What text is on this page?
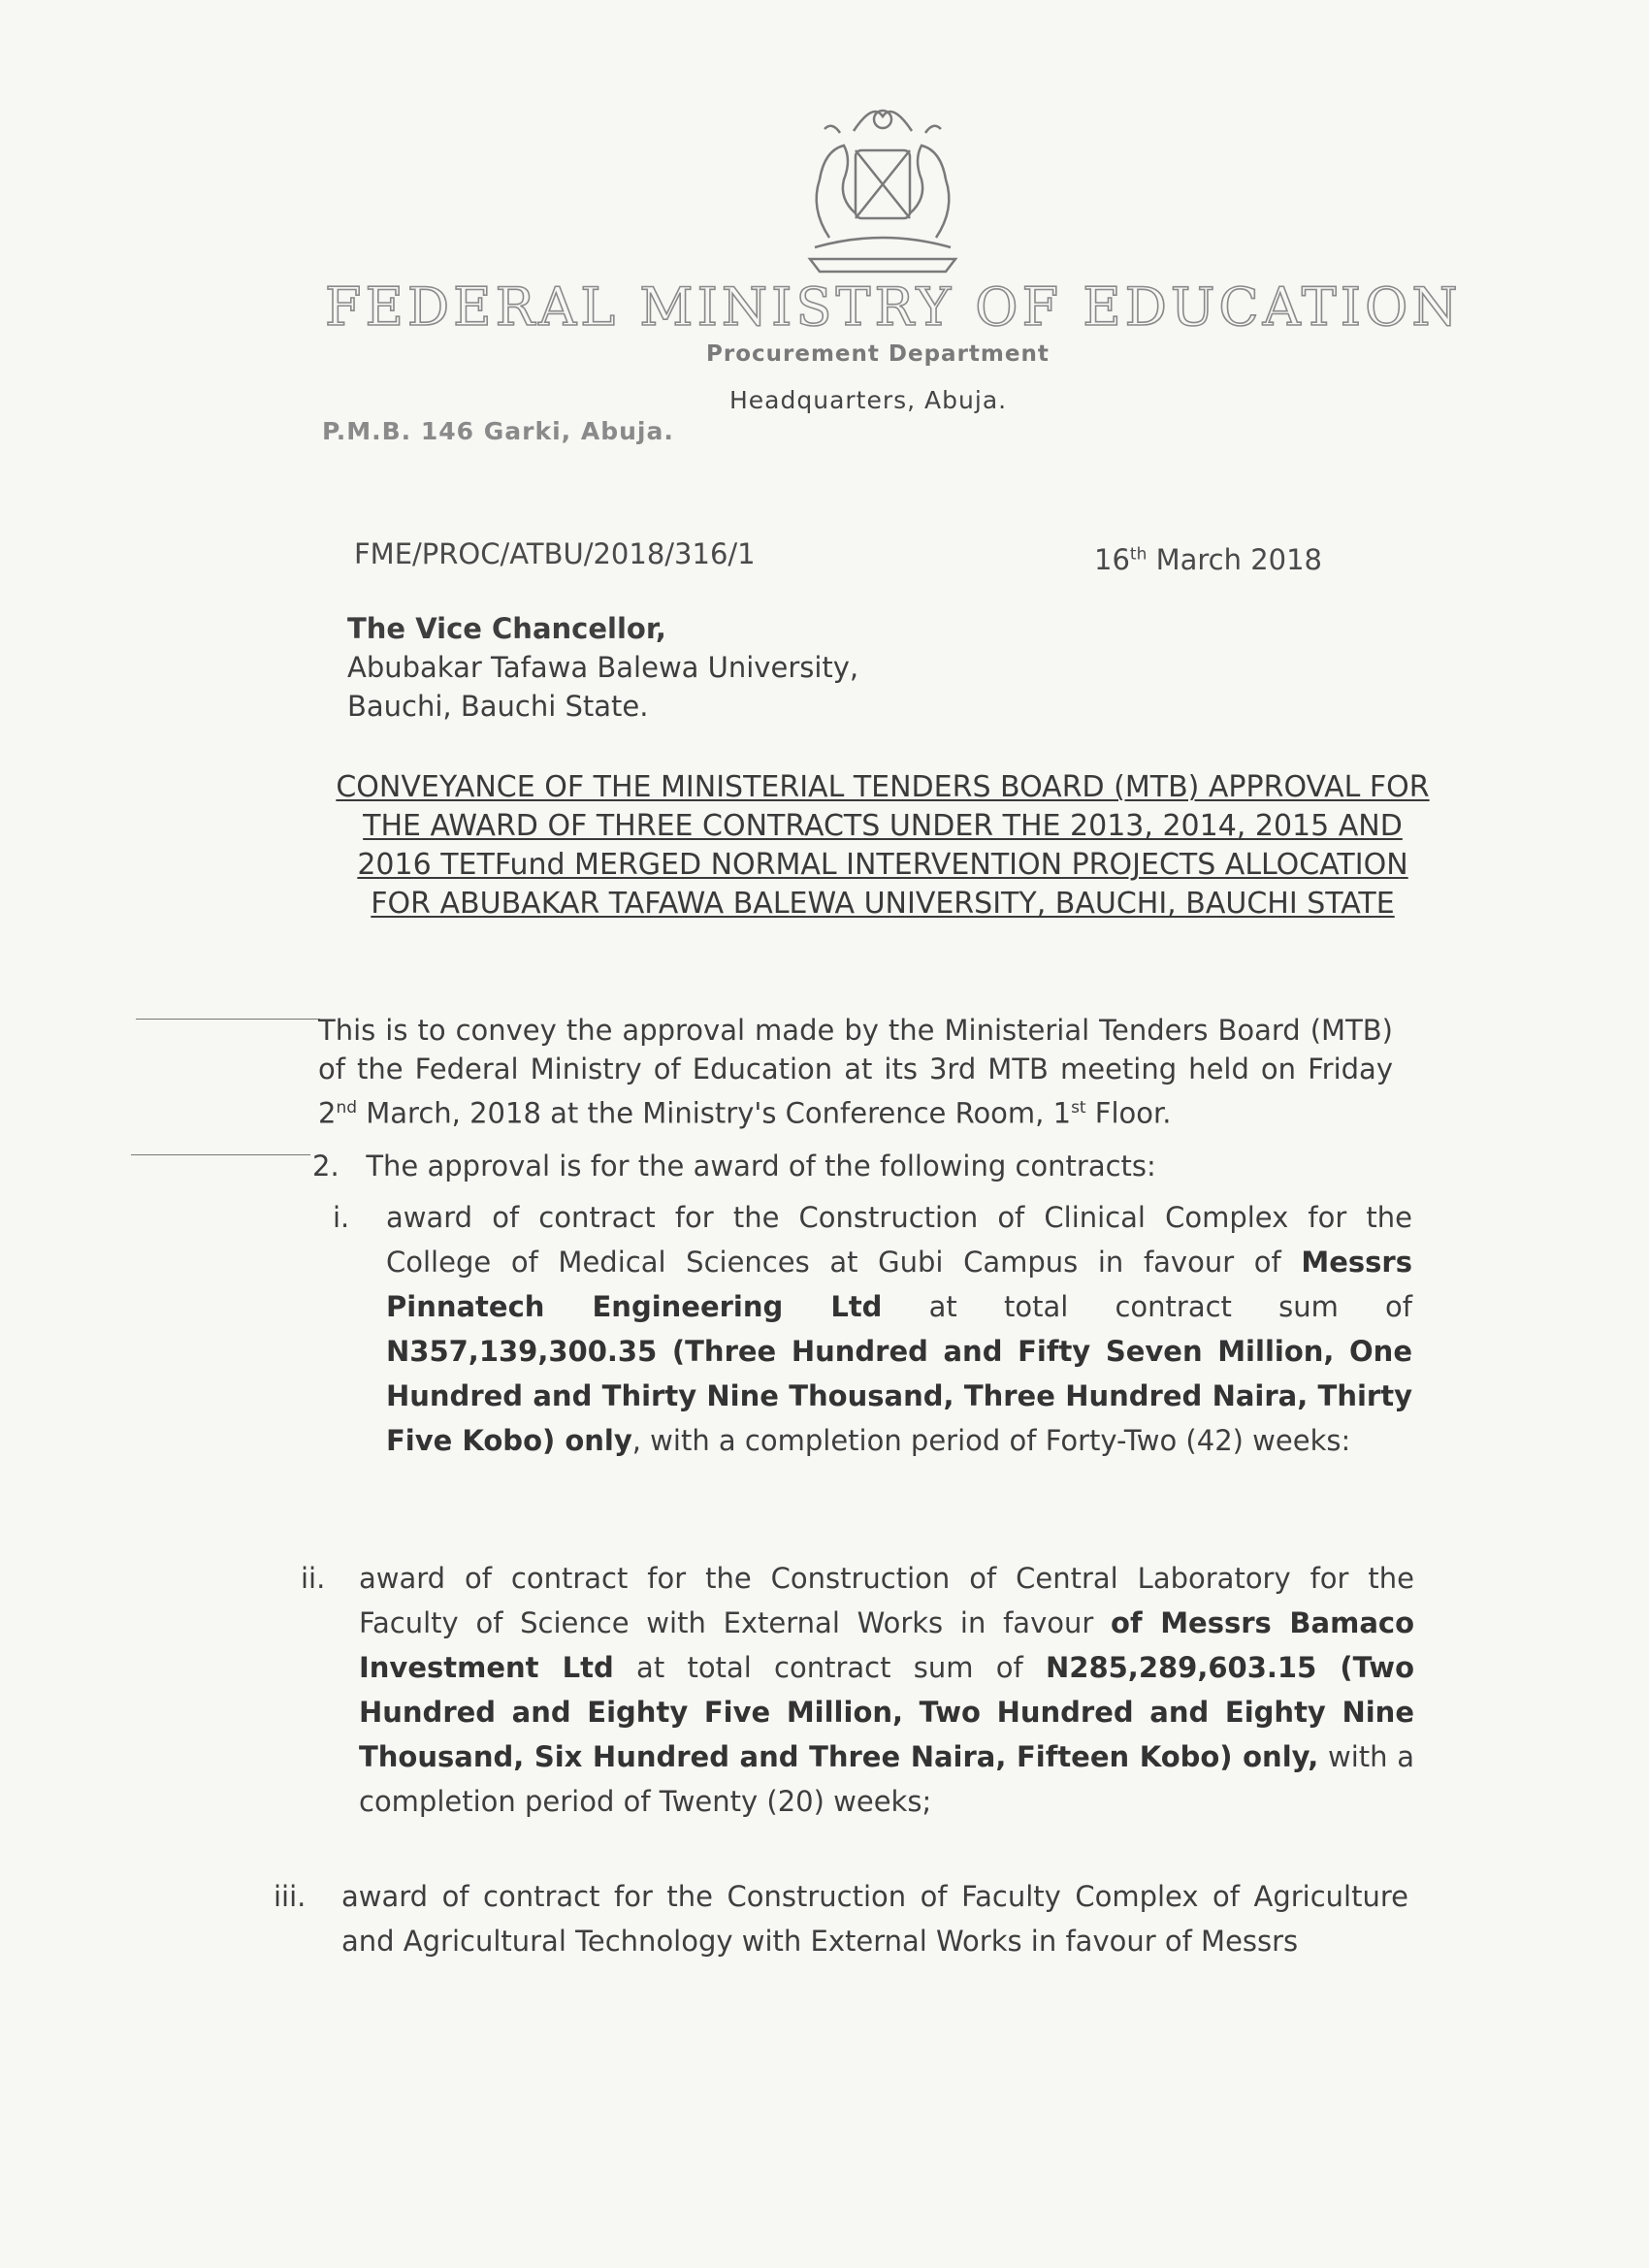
FEDERAL MINISTRY OF EDUCATION
Procurement Department
Headquarters, Abuja.
P.M.B. 146 Garki, Abuja.
FME/PROC/ATBU/2018/316/1	16th March 2018
The Vice Chancellor,
Abubakar Tafawa Balewa University,
Bauchi, Bauchi State.
CONVEYANCE OF THE MINISTERIAL TENDERS BOARD (MTB) APPROVAL FOR THE AWARD OF THREE CONTRACTS UNDER THE 2013, 2014, 2015 AND 2016 TETFund MERGED NORMAL INTERVENTION PROJECTS ALLOCATION FOR ABUBAKAR TAFAWA BALEWA UNIVERSITY, BAUCHI, BAUCHI STATE
This is to convey the approval made by the Ministerial Tenders Board (MTB) of the Federal Ministry of Education at its 3rd MTB meeting held on Friday 2nd March, 2018 at the Ministry's Conference Room, 1st Floor.
2. The approval is for the award of the following contracts:
i. award of contract for the Construction of Clinical Complex for the College of Medical Sciences at Gubi Campus in favour of Messrs Pinnatech Engineering Ltd at total contract sum of N357,139,300.35 (Three Hundred and Fifty Seven Million, One Hundred and Thirty Nine Thousand, Three Hundred Naira, Thirty Five Kobo) only, with a completion period of Forty-Two (42) weeks:
ii. award of contract for the Construction of Central Laboratory for the Faculty of Science with External Works in favour of Messrs Bamaco Investment Ltd at total contract sum of N285,289,603.15 (Two Hundred and Eighty Five Million, Two Hundred and Eighty Nine Thousand, Six Hundred and Three Naira, Fifteen Kobo) only, with a completion period of Twenty (20) weeks;
iii. award of contract for the Construction of Faculty Complex of Agriculture and Agricultural Technology with External Works in favour of Messrs
